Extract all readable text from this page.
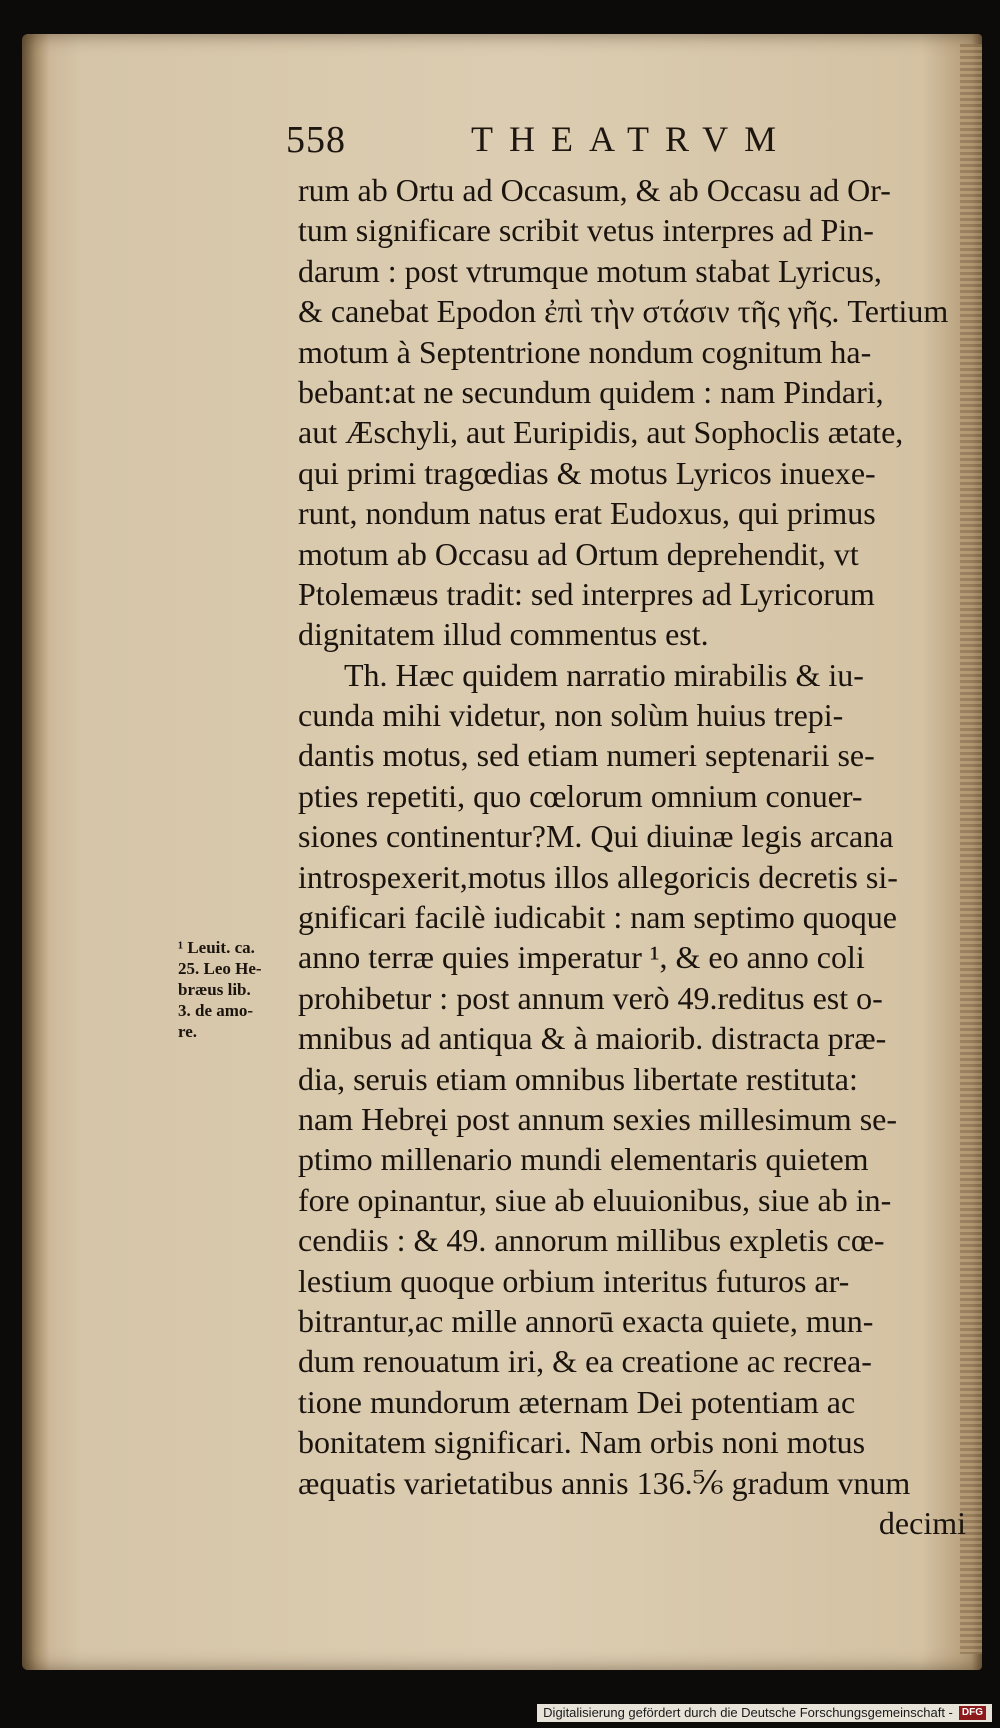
558	THEATRVM
rum ab Ortu ad Occasum, & ab Occasu ad Or-
tum significare scribit vetus interpres ad Pin-
darum : post vtrumque motum stabat Lyricus,
& canebat Epodon ἐπὶ τὴν στάσιν τῆς γῆς. Tertium
motum à Septentrione nondum cognitum ha-
bebant:at ne secundum quidem : nam Pindari,
aut Æschyli, aut Euripidis, aut Sophoclis ætate,
qui primi tragœdias & motus Lyricos inuexe-
runt, nondum natus erat Eudoxus, qui primus
motum ab Occasu ad Ortum deprehendit, vt
Ptolemæus tradit: sed interpres ad Lyricorum
dignitatem illud commentus est.
Th. Hæc quidem narratio mirabilis & iu-
cunda mihi videtur, non solùm huius trepi-
dantis motus, sed etiam numeri septenarii se-
pties repetiti, quo cœlorum omnium conuer-
siones continentur?M. Qui diuinæ legis arcana
introspexerit,motus illos allegoricis decretis si-
gnificari facilè iudicabit : nam septimo quoque
anno terræ quies imperatur ¹, & eo anno coli
prohibetur : post annum verò 49.reditus est o-
mnibus ad antiqua & à maiorib. distracta præ-
dia, seruis etiam omnibus libertate restituta:
nam Hebręi post annum sexies millesimum se-
ptimo millenario mundi elementaris quietem
fore opinantur, siue ab eluuionibus, siue ab in-
cendiis : & 49. annorum millibus expletis cœ-
lestium quoque orbium interitus futuros ar-
bitrantur,ac mille annorū exacta quiete, mun-
dum renouatum iri, & ea creatione ac recrea-
tione mundorum æternam Dei potentiam ac
bonitatem significari. Nam orbis noni motus
æquatis varietatibus annis 136.⅚ gradum vnum
decimi
¹ Leuit. ca.
25. Leo He-
bræus lib.
3. de amo-
re.
Digitalisierung gefördert durch die Deutsche Forschungsgemeinschaft - DFG
